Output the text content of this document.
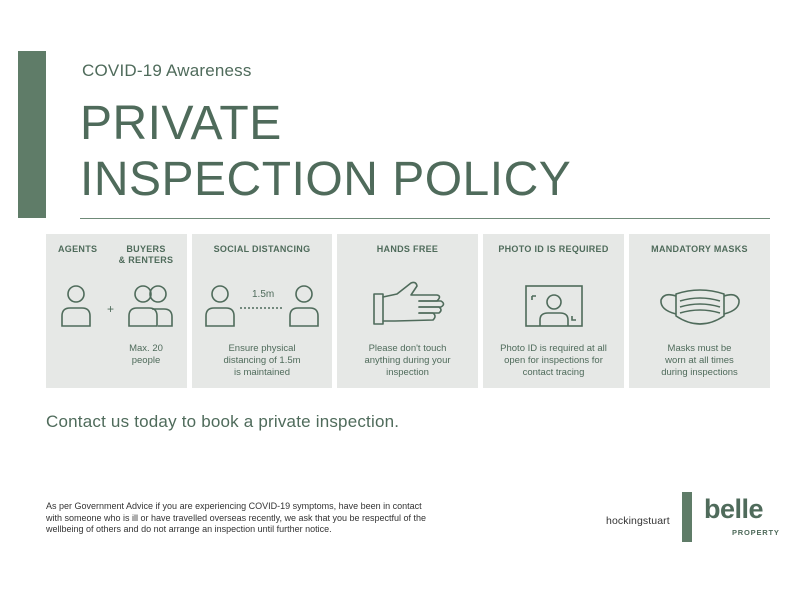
COVID-19 Awareness
PRIVATE
INSPECTION POLICY
AGENTS	BUYERS
& RENTERS
+
Max. 20
people
SOCIAL DISTANCING
1.5m
Ensure physical
distancing of 1.5m
is maintained
HANDS FREE
Please don't touch
anything during your
inspection
PHOTO ID IS REQUIRED
Photo ID is required at all
open for inspections for
contact tracing
MANDATORY MASKS
Masks must be
worn at all times
during inspections
Contact us today to book a private inspection.
As per Government Advice if you are experiencing COVID-19 symptoms, have been in contact
with someone who is ill or have travelled overseas recently, we ask that you be respectful of the
wellbeing of others and do not arrange an inspection until further notice.
hockingstuart belle
PROPERTY
